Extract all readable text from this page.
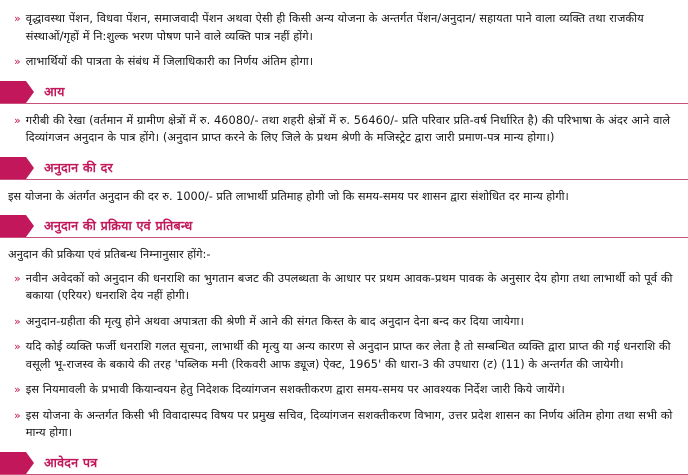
» वृद्धावस्था पेंशन, विधवा पेंशन, समाजवादी पेंशन अथवा ऐसी ही किसी अन्य योजना के अन्तर्गत पेंशन/अनुदान/ सहायता पाने वाला व्यक्ति तथा राजकीय संस्थाओं/गृहों में नि:शुल्क भरण पोषण पाने वाले व्यक्ति पात्र नहीं होंगे।
» लाभार्थियों की पात्रता के संबंध में जिलाधिकारी का निर्णय अंतिम होगा।
आय
» गरीबी की रेखा (वर्तमान में ग्रामीण क्षेत्रों में रु. 46080/- तथा शहरी क्षेत्रों में रु. 56460/- प्रति परिवार प्रति-वर्ष निर्धारित है) की परिभाषा के अंदर आने वाले दिव्यांगजन अनुदान के पात्र होंगे। (अनुदान प्राप्त करने के लिए जिले के प्रथम श्रेणी के मजिस्ट्रेट द्वारा जारी प्रमाण-पत्र मान्य होगा।)
अनुदान की दर
इस योजना के अंतर्गत अनुदान की दर रु. 1000/- प्रति लाभार्थी प्रतिमाह होगी जो कि समय-समय पर शासन द्वारा संशोधित दर मान्य होगी।
अनुदान की प्रक्रिया एवं प्रतिबन्ध
अनुदान की प्रकिया एवं प्रतिबन्ध निम्नानुसार होंगे:-
» नवीन अवेदकों को अनुदान की धनराशि का भुगतान बजट की उपलब्धता के आधार पर प्रथम आवक-प्रथम पावक के अनुसार देय होगा तथा लाभार्थी को पूर्व की बकाया (एरियर) धनराशि देय नहीं होगी।
» अनुदान-ग्रहीता की मृत्यु होने अथवा अपात्रता की श्रेणी में आने की संगत किस्त के बाद अनुदान देना बन्द कर दिया जायेगा।
» यदि कोई व्यक्ति फर्जी धनराशि गलत सूचना, लाभार्थी की मृत्यु या अन्य कारण से अनुदान प्राप्त कर लेता है तो सम्बन्धित व्यक्ति द्वारा प्राप्त की गई धनराशि की वसूली भू-राजस्व के बकाये की तरह 'पब्लिक मनी (रिकवरी आफ ड्यूज) ऐक्ट, 1965' की धारा-3 की उपधारा (ट) (11) के अन्तर्गत की जायेगी।
» इस नियमावली के प्रभावी कियान्वयन हेतु निदेशक दिव्यांगजन सशक्तीकरण द्वारा समय-समय पर आवश्यक निर्देश जारी किये जायेंगे।
» इस योजना के अन्तर्गत किसी भी विवादास्पद विषय पर प्रमुख सचिव, दिव्यांगजन सशक्तीकरण विभाग, उत्तर प्रदेश शासन का निर्णय अंतिम होगा तथा सभी को मान्य होगा।
आवेदन पत्र
